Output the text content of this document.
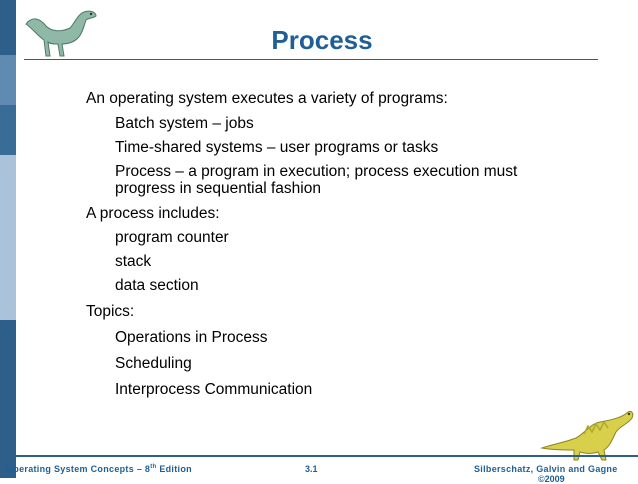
Process
An operating system executes a variety of programs:
Batch system – jobs
Time-shared systems – user programs or tasks
Process – a program in execution; process execution must
progress in sequential fashion
A process includes:
program counter
stack
data section
Topics:
Operations in Process
Scheduling
Interprocess Communication
Operating System Concepts – 8th Edition	3.1	Silberschatz, Galvin and Gagne
©2009
